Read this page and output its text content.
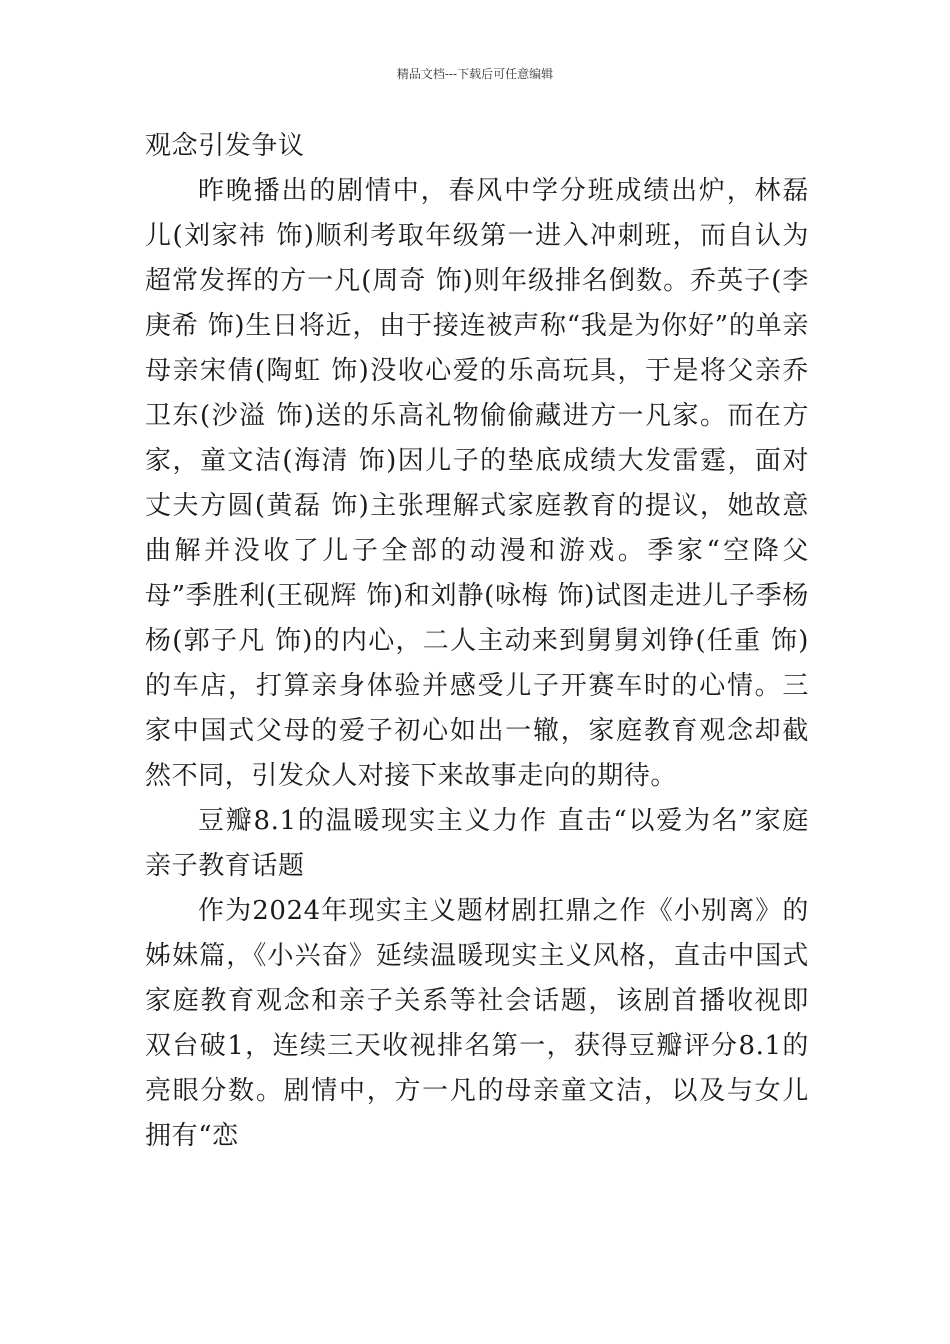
精品文档---下载后可任意编辑

观念引发争议

昨晚播出的剧情中，春风中学分班成绩出炉，林磊儿(刘家祎 饰)顺利考取年级第一进入冲刺班，而自认为超常发挥的方一凡(周奇 饰)则年级排名倒数。乔英子(李庚希 饰)生日将近，由于接连被声称“我是为你好”的单亲母亲宋倩(陶虹 饰)没收心爱的乐高玩具，于是将父亲乔卫东(沙溢 饰)送的乐高礼物偷偷藏进方一凡家。而在方家，童文洁(海清 饰)因儿子的垫底成绩大发雷霆，面对丈夫方圆(黄磊 饰)主张理解式家庭教育的提议，她故意曲解并没收了儿子全部的动漫和游戏。季家“空降父母”季胜利(王砚辉 饰)和刘静(咏梅 饰)试图走进儿子季杨杨(郭子凡 饰)的内心，二人主动来到舅舅刘铮(任重 饰)的车店，打算亲身体验并感受儿子开赛车时的心情。三家中国式父母的爱子初心如出一辙，家庭教育观念却截然不同，引发众人对接下来故事走向的期待。

豆瓣8.1的温暖现实主义力作 直击“以爱为名”家庭亲子教育话题

作为2024年现实主义题材剧扛鼎之作《小别离》的姊妹篇，《小兴奋》延续温暖现实主义风格，直击中国式家庭教育观念和亲子关系等社会话题，该剧首播收视即双台破1，连续三天收视排名第一，获得豆瓣评分8.1的亮眼分数。剧情中，方一凡的母亲童文洁，以及与女儿拥有“恋
